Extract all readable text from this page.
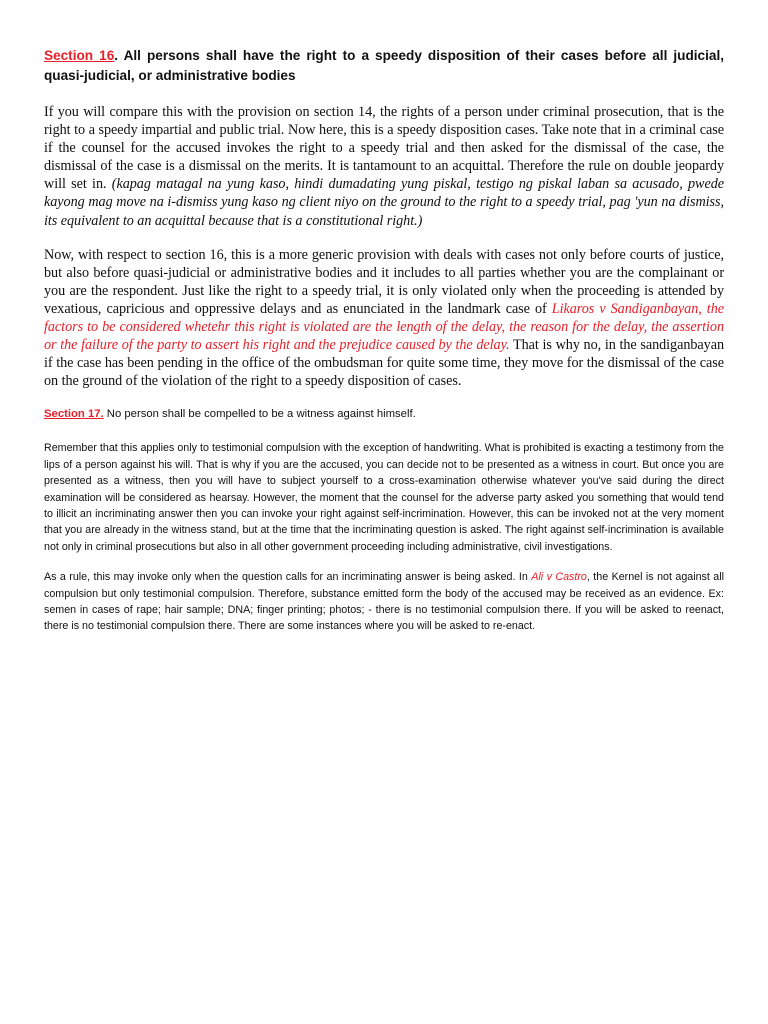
Section 16. All persons shall have the right to a speedy disposition of their cases before all judicial, quasi-judicial, or administrative bodies

If you will compare this with the provision on section 14, the rights of a person under criminal prosecution, that is the right to a speedy impartial and public trial. Now here, this is a speedy disposition cases. Take note that in a criminal case if the counsel for the accused invokes the right to a speedy trial and then asked for the dismissal of the case, the dismissal of the case is a dismissal on the merits. It is tantamount to an acquittal. Therefore the rule on double jeopardy will set in. (kapag matagal na yung kaso, hindi dumadating yung piskal, testigo ng piskal laban sa acusado, pwede kayong mag move na i-dismiss yung kaso ng client niyo on the ground to the right to a speedy trial, pag 'yun na dismiss, its equivalent to an acquittal because that is a constitutional right.)

Now, with respect to section 16, this is a more generic provision with deals with cases not only before courts of justice, but also before quasi-judicial or administrative bodies and it includes to all parties whether you are the complainant or you are the respondent. Just like the right to a speedy trial, it is only violated only when the proceeding is attended by vexatious, capricious and oppressive delays and as enunciated in the landmark case of Likaros v Sandiganbayan, the factors to be considered whetehr this right is violated are the length of the delay, the reason for the delay, the assertion or the failure of the party to assert his right and the prejudice caused by the delay. That is why no, in the sandiganbayan if the case has been pending in the office of the ombudsman for quite some time, they move for the dismissal of the case on the ground of the violation of the right to a speedy disposition of cases.

Section 17. No person shall be compelled to be a witness against himself.

Remember that this applies only to testimonial compulsion with the exception of handwriting. What is prohibited is exacting a testimony from the lips of a person against his will. That is why if you are the accused, you can decide not to be presented as a witness in court. But once you are presented as a witness, then you will have to subject yourself to a cross-examination otherwise whatever you've said during the direct examination will be considered as hearsay. However, the moment that the counsel for the adverse party asked you something that would tend to illicit an incriminating answer then you can invoke your right against self-incrimination. However, this can be invoked not at the very moment that you are already in the witness stand, but at the time that the incriminating question is asked. The right against self-incrimination is available not only in criminal prosecutions but also in all other government proceeding including administrative, civil investigations.

As a rule, this may invoke only when the question calls for an incriminating answer is being asked. In Ali v Castro, the Kernel is not against all compulsion but only testimonial compulsion. Therefore, substance emitted form the body of the accused may be received as an evidence. Ex: semen in cases of rape; hair sample; DNA; finger printing; photos; - there is no testimonial compulsion there. If you will be asked to reenact, there is no testimonial compulsion there. There are some instances where you will be asked to re-enact.
